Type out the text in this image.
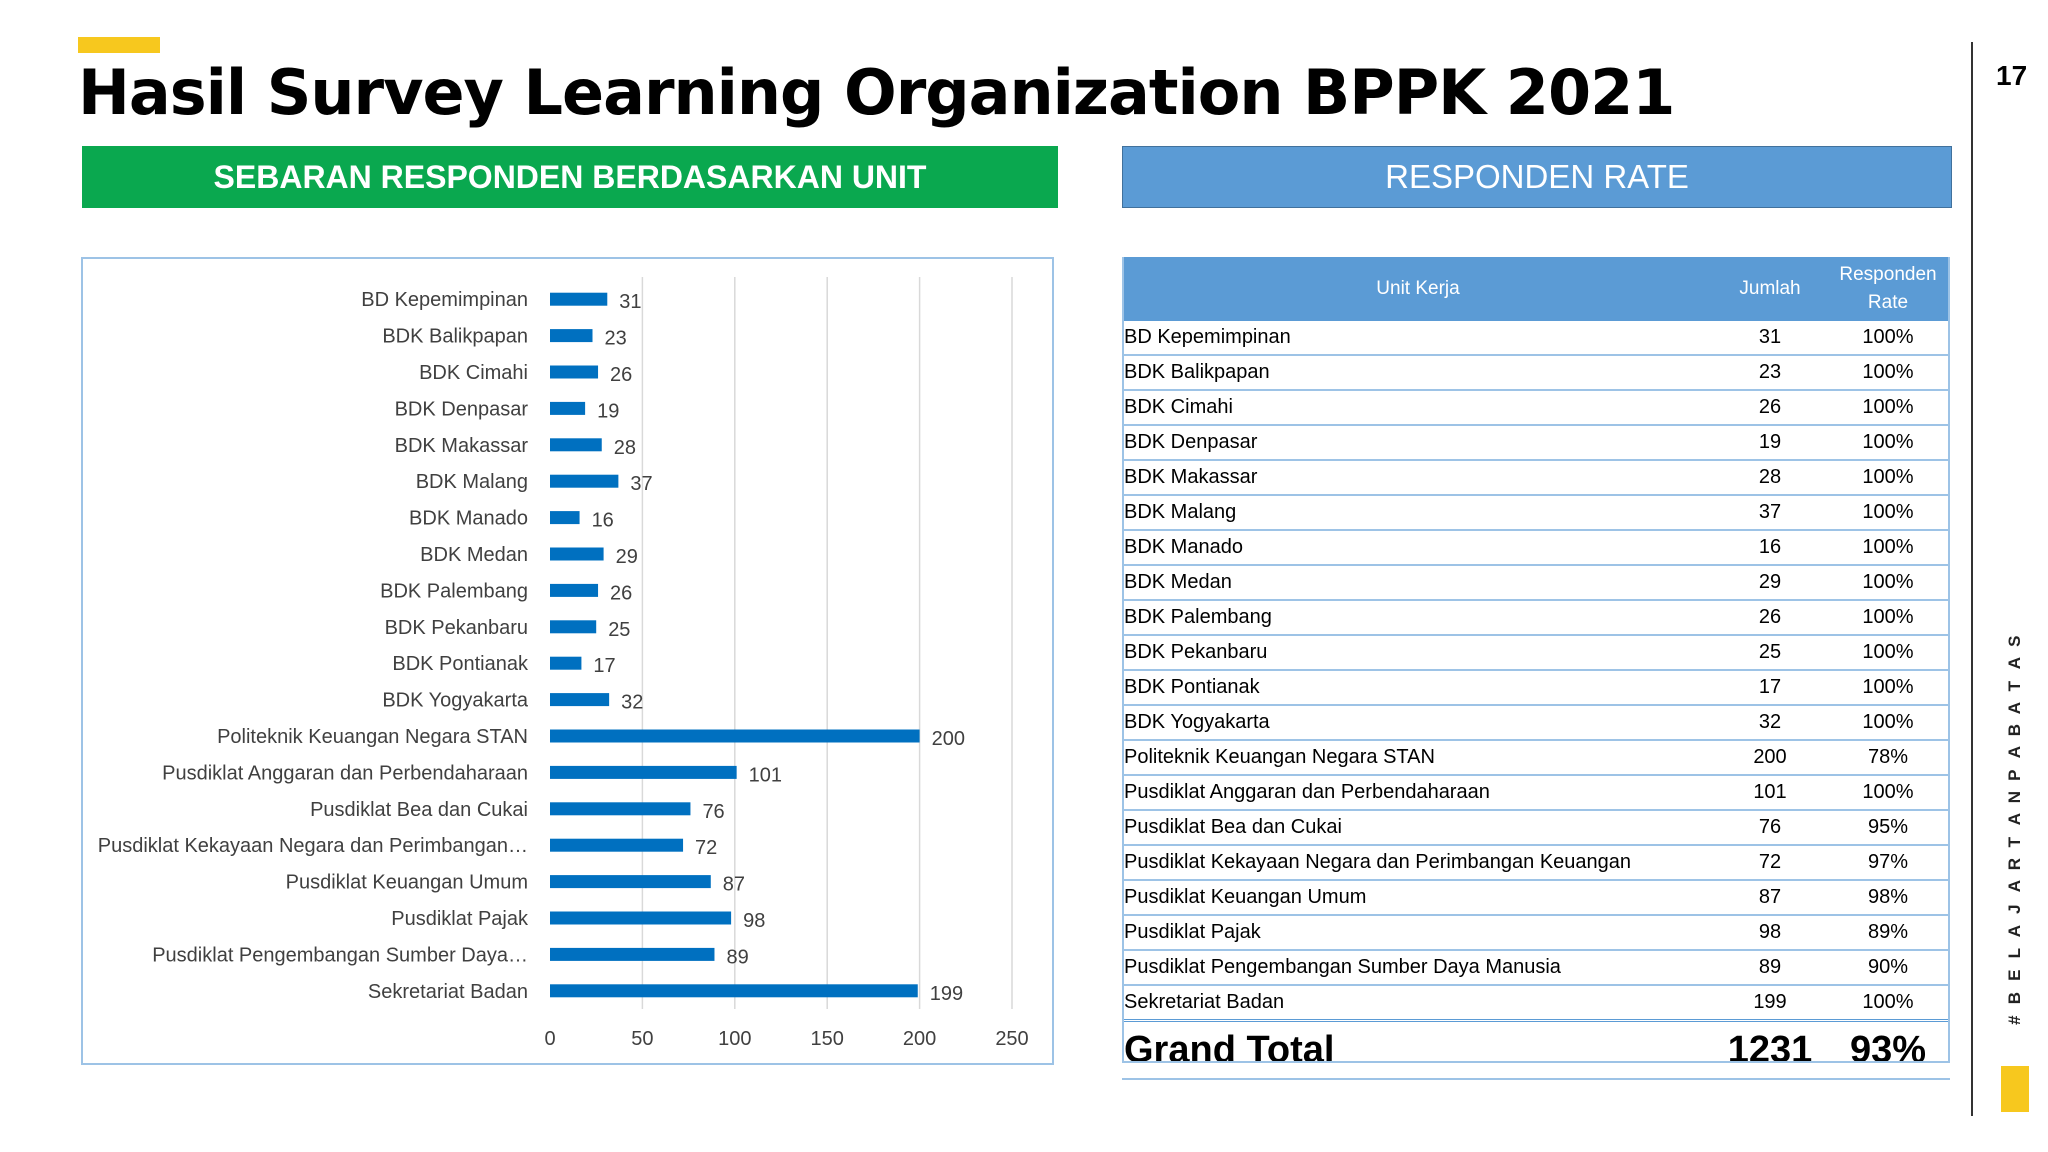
Hasil Survey Learning Organization BPPK 2021	17
S
A
T
A
B
A
P
N
A
T
R
A
J
A
L
E
B
#
SEBARAN RESPONDEN BERDASARKAN UNIT	RESPONDEN RATE
0	50	100	150	200	250
BD Kepemimpinan	31
BDK Balikpapan	23
BDK Cimahi	26
BDK Denpasar	19
BDK Makassar	28
BDK Malang	37
BDK Manado	16
BDK Medan	29
BDK Palembang	26
BDK Pekanbaru	25
BDK Pontianak	17
BDK Yogyakarta	32
Politeknik Keuangan Negara STAN	200
Pusdiklat Anggaran dan Perbendaharaan	101
Pusdiklat Bea dan Cukai	76
Pusdiklat Kekayaan Negara dan Perimbangan…	72
Pusdiklat Keuangan Umum	87
Pusdiklat Pajak	98
Pusdiklat Pengembangan Sumber Daya…	89
Sekretariat Badan	199
Unit Kerja	Jumlah	Responden Rate
BD Kepemimpinan	31	100%
BDK Balikpapan	23	100%
BDK Cimahi	26	100%
BDK Denpasar	19	100%
BDK Makassar	28	100%
BDK Malang	37	100%
BDK Manado	16	100%
BDK Medan	29	100%
BDK Palembang	26	100%
BDK Pekanbaru	25	100%
BDK Pontianak	17	100%
BDK Yogyakarta	32	100%
Politeknik Keuangan Negara STAN	200	78%
Pusdiklat Anggaran dan Perbendaharaan	101	100%
Pusdiklat Bea dan Cukai	76	95%
Pusdiklat Kekayaan Negara dan Perimbangan Keuangan	72	97%
Pusdiklat Keuangan Umum	87	98%
Pusdiklat Pajak	98	89%
Pusdiklat Pengembangan Sumber Daya Manusia	89	90%
Sekretariat Badan	199	100%
Grand Total	1231	93%
